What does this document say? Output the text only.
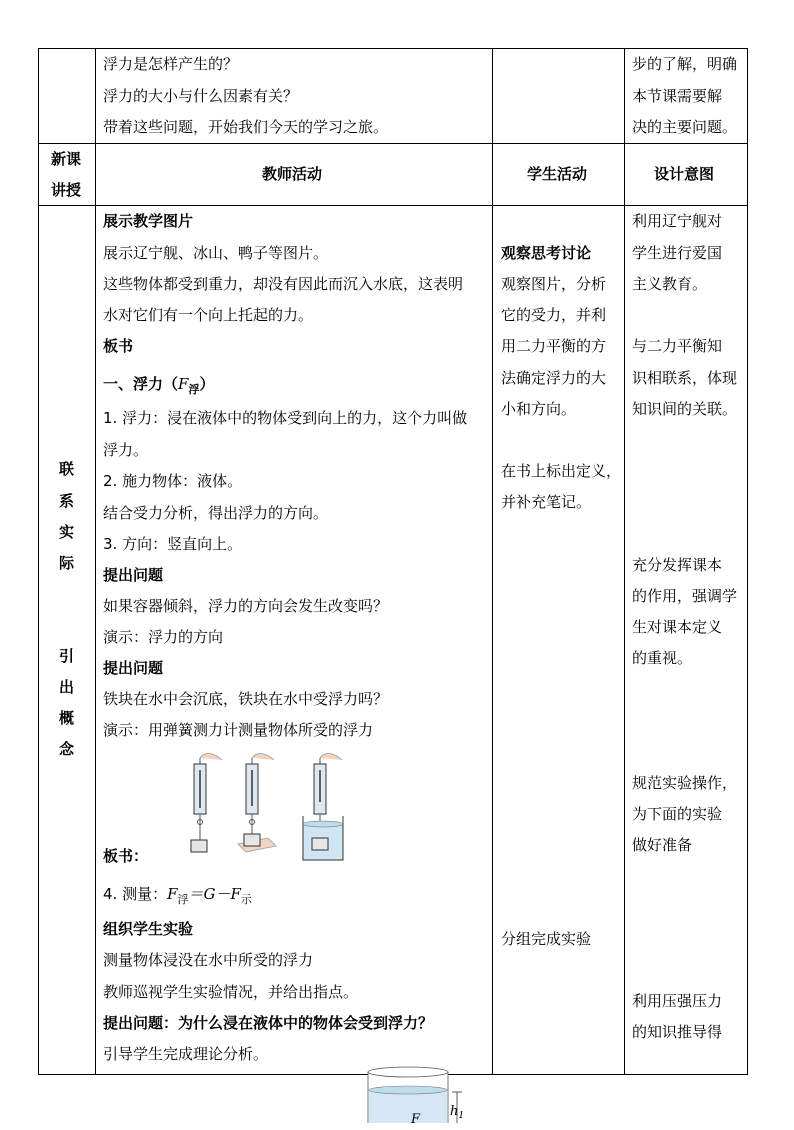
浮力是怎样产生的？
浮力的大小与什么因素有关？
带着这些问题，开始我们今天的学习之旅。
步的了解，明确
本节课需要解
决的主要问题。
新课
讲授
教师活动	学生活动	设计意图
联
系
实
际
引
出
概
念
展示教学图片
展示辽宁舰、冰山、鸭子等图片。
这些物体都受到重力，却没有因此而沉入水底，这表明
水对它们有一个向上托起的力。
板书
一、浮力$(F_浮)$
1. 浮力：浸在液体中的物体受到向上的力，这个力叫做
浮力。
2. 施力物体：液体。
结合受力分析，得出浮力的方向。
3. 方向：竖直向上。
提出问题
如果容器倾斜，浮力的方向会发生改变吗？
演示：浮力的方向
提出问题
铁块在水中会沉底，铁块在水中受浮力吗？
演示：用弹簧测力计测量物体所受的浮力
板书：
4. 测量：$F_浮=G-F_示$
组织学生实验
测量物体浸没在水中所受的浮力
教师巡视学生实验情况，并给出指点。
提出问题：为什么浸在液体中的物体会受到浮力？
引导学生完成理论分析。
观察思考讨论
观察图片，分析
它的受力，并利
用二力平衡的方
法确定浮力的大
小和方向。
在书上标出定义，
并补充笔记。
分组完成实验
利用辽宁舰对
学生进行爱国
主义教育。
与二力平衡知
识相联系，体现
知识间的关联。
充分发挥课本
的作用，强调学
生对课本定义
的重视。
规范实验操作，
为下面的实验
做好准备
利用压强压力
的知识推导得
$h_1$
F
